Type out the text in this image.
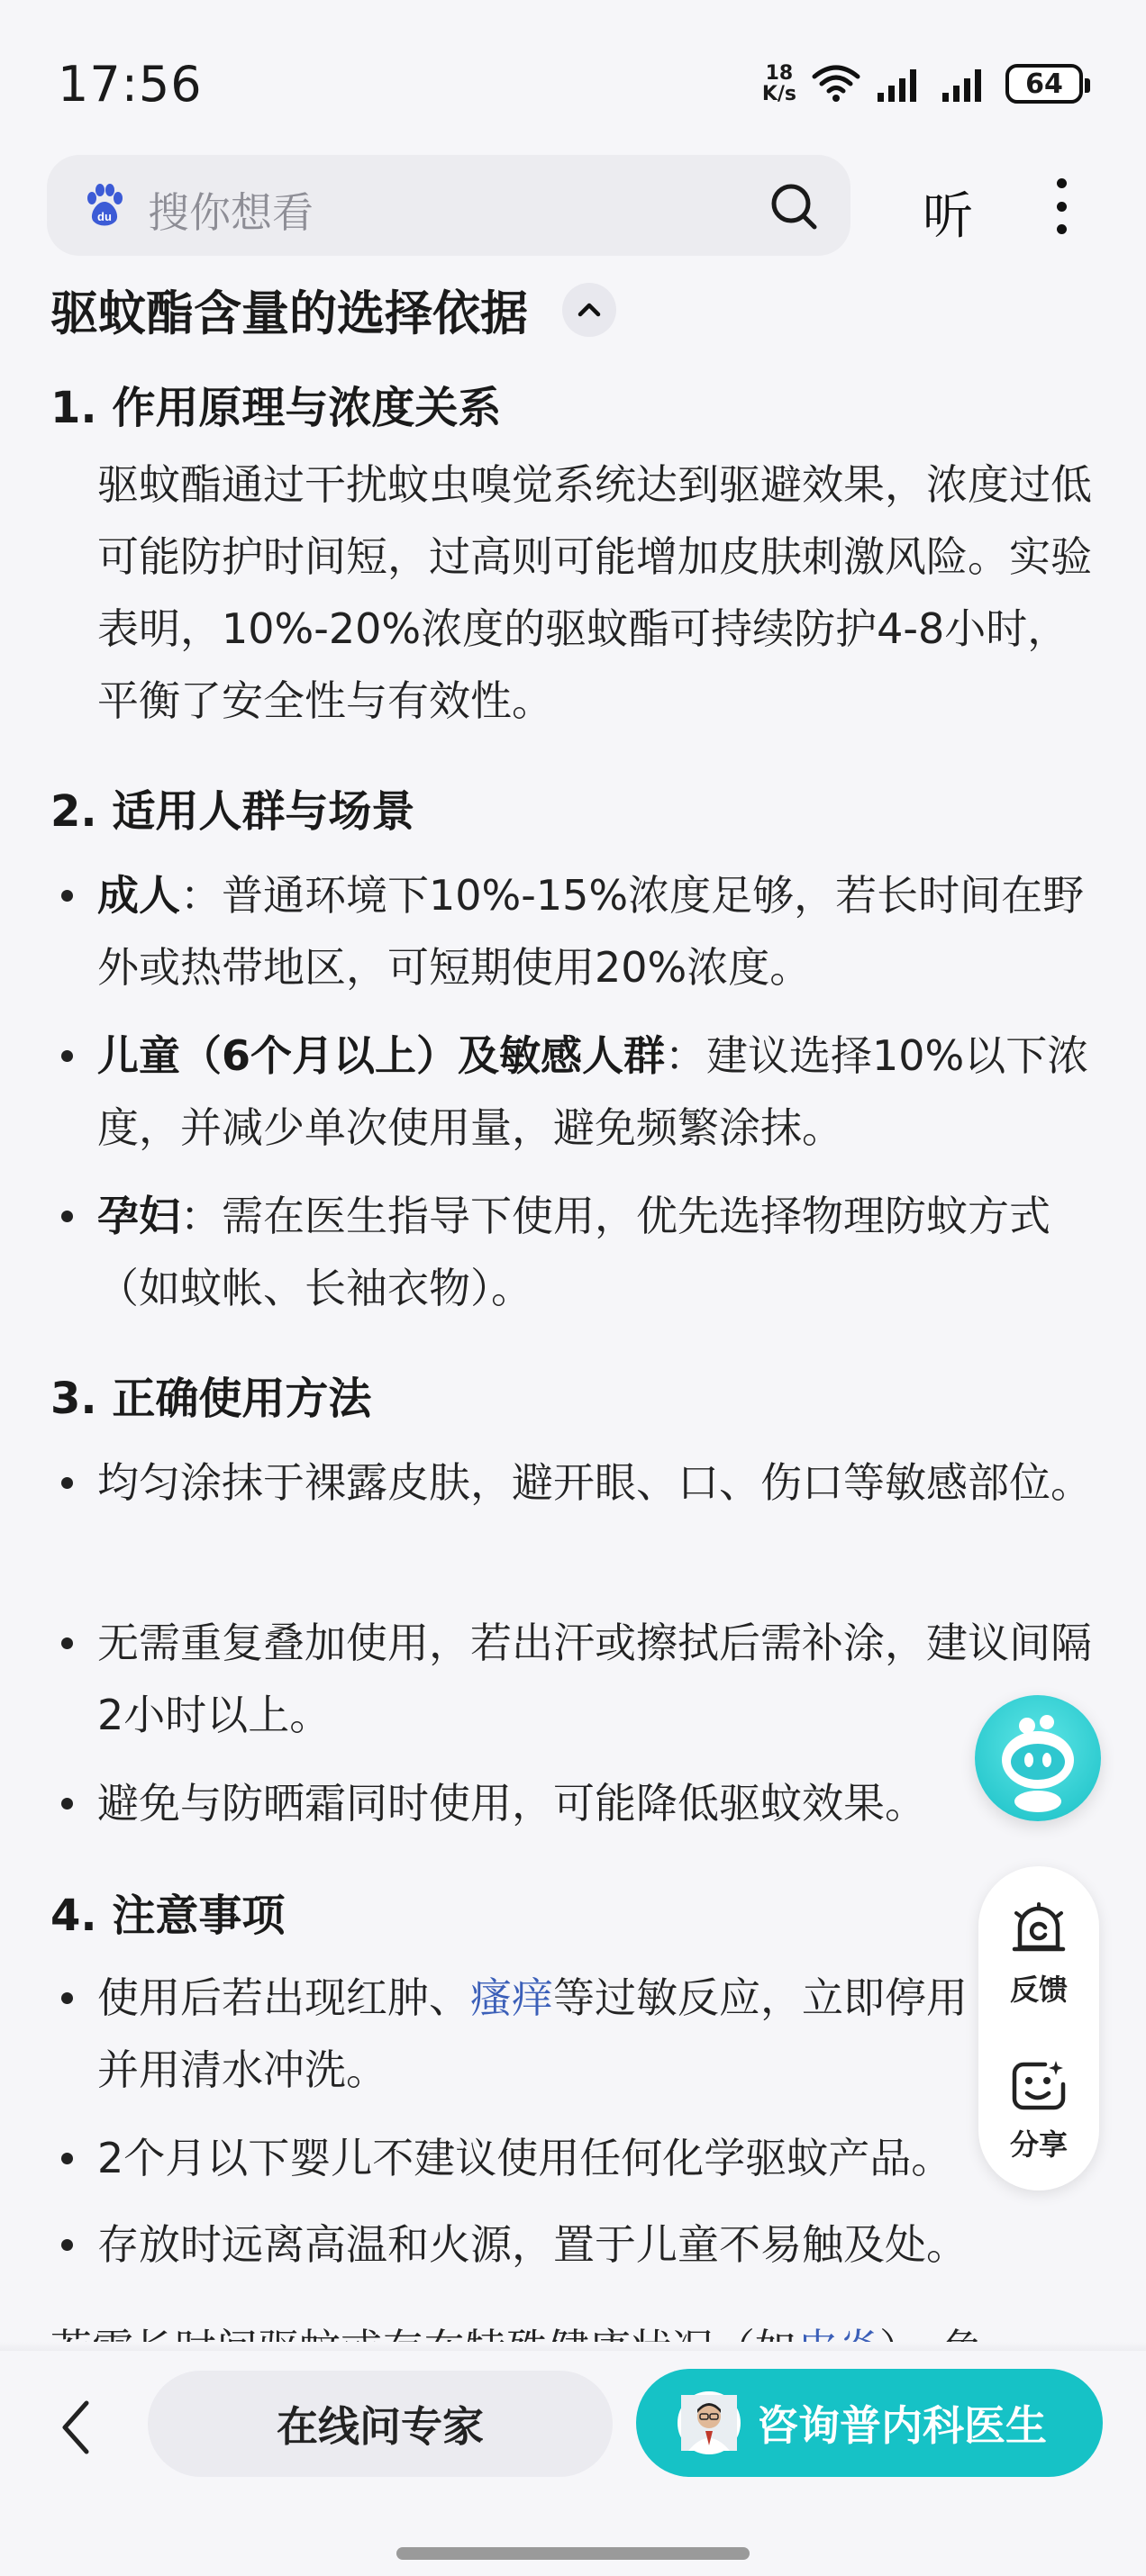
17:56	18
K/s	64
du 搜你想看	听
驱蚊酯含量的选择依据
1. 作用原理与浓度关系
驱蚊酯通过干扰蚊虫嗅觉系统达到驱避效果，浓度过低可能防护时间短，过高则可能增加皮肤刺激风险。实验表明，10%-20%浓度的驱蚊酯可持续防护4-8小时，平衡了安全性与有效性。
2. 适用人群与场景
成人：普通环境下10%-15%浓度足够，若长时间在野外或热带地区，可短期使用20%浓度。
儿童（6个月以上）及敏感人群：建议选择10%以下浓度，并减少单次使用量，避免频繁涂抹。
孕妇：需在医生指导下使用，优先选择物理防蚊方式（如蚊帐、长袖衣物）。
3. 正确使用方法
均匀涂抹于裸露皮肤，避开眼、口、伤口等敏感部位。
无需重复叠加使用，若出汗或擦拭后需补涂，建议间隔2小时以上。
避免与防晒霜同时使用，可能降低驱蚊效果。
4. 注意事项
使用后若出现红肿、瘙痒等过敏反应，立即停用并用清水冲洗。
2个月以下婴儿不建议使用任何化学驱蚊产品。
存放时远离高温和火源，置于儿童不易触及处。
反馈
分享
在线问专家	咨询普内科医生
